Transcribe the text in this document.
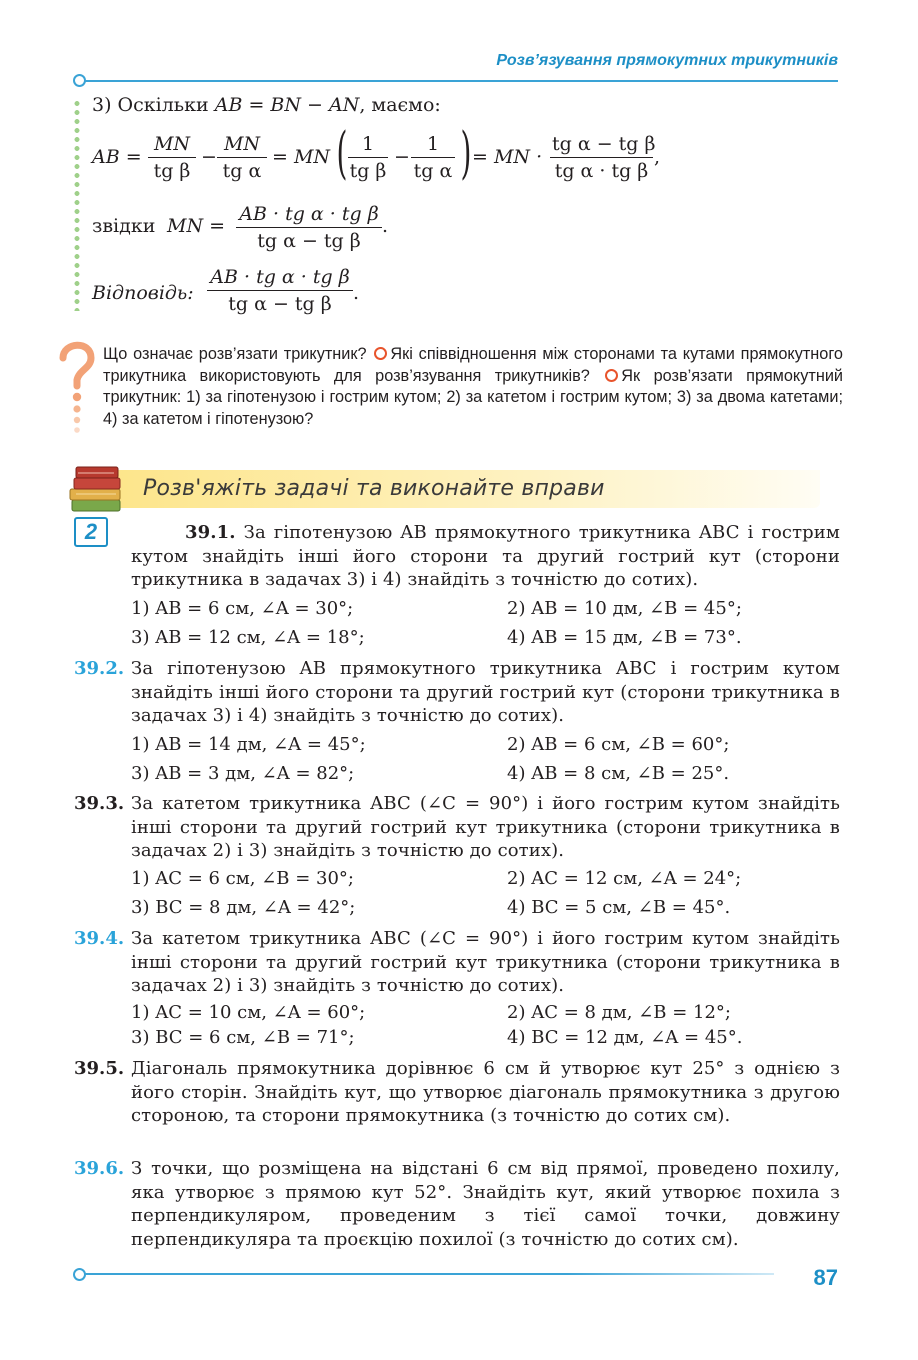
Розв’язування прямокутних трикутників
3) Оскільки AB = BN − AN, маємо:
AB = $\frac{MN}{\text{tg β}} - \frac{MN}{\text{tg α}}$ = MN ( $\frac{1}{\text{tg β}} - \frac{1}{\text{tg α}}$ ) = MN · $\frac{\text{tg α − tg β}}{\text{tg α · tg β}}$ ,
звідки MN = $\frac{\text{AB · tg α · tg β}}{\text{tg α − tg β}}$ .
Відповідь: $\frac{\text{AB · tg α · tg β}}{\text{tg α − tg β}}$ .
Що означає розв’язати трикутник? Які співвідношення між сторонами та кутами прямокутного трикутника використовують для розв’язування трикутників? Як розв’язати прямокутний трикутник: 1) за гіпотенузою і гострим кутом; 2) за катетом і гострим кутом; 3) за двома катетами; 4) за катетом і гіпотенузою?
Розв'яжіть задачі та виконайте вправи
2	39.1. За гіпотенузою AB прямокутного трикутника ABC і гострим кутом знайдіть інші його сторони та другий гострий кут (сторони трикутника в задачах 3) і 4) знайдіть з точністю до сотих).
1) AB = 6 см, ∠A = 30°;	2) AB = 10 дм, ∠B = 45°;
3) AB = 12 см, ∠A = 18°;	4) AB = 15 дм, ∠B = 73°.
39.2. За гіпотенузою AB прямокутного трикутника ABC і гострим кутом знайдіть інші його сторони та другий гострий кут (сторони трикутника в задачах 3) і 4) знайдіть з точністю до сотих).
1) AB = 14 дм, ∠A = 45°;	2) AB = 6 см, ∠B = 60°;
3) AB = 3 дм, ∠A = 82°;	4) AB = 8 см, ∠B = 25°.
39.3. За катетом трикутника ABC (∠C = 90°) і його гострим кутом знайдіть інші сторони та другий гострий кут трикутника (сторони трикутника в задачах 2) і 3) знайдіть з точністю до сотих).
1) AC = 6 см, ∠B = 30°;	2) AC = 12 см, ∠A = 24°;
3) BC = 8 дм, ∠A = 42°;	4) BC = 5 см, ∠B = 45°.
39.4. За катетом трикутника ABC (∠C = 90°) і його гострим кутом знайдіть інші сторони та другий гострий кут трикутника (сторони трикутника в задачах 2) і 3) знайдіть з точністю до сотих).
1) AC = 10 см, ∠A = 60°;	2) AC = 8 дм, ∠B = 12°;
3) BC = 6 см, ∠B = 71°;	4) BC = 12 дм, ∠A = 45°.
39.5. Діагональ прямокутника дорівнює 6 см й утворює кут 25° з однією з його сторін. Знайдіть кут, що утворює діагональ прямокутника з другою стороною, та сторони прямокутника (з точністю до сотих см).
39.6. З точки, що розміщена на відстані 6 см від прямої, проведено похилу, яка утворює з прямою кут 52°. Знайдіть кут, який утворює похила з перпендикуляром, проведеним з тієї самої точки, довжину перпендикуляра та проєкцію похилої (з точністю до сотих см).
87
